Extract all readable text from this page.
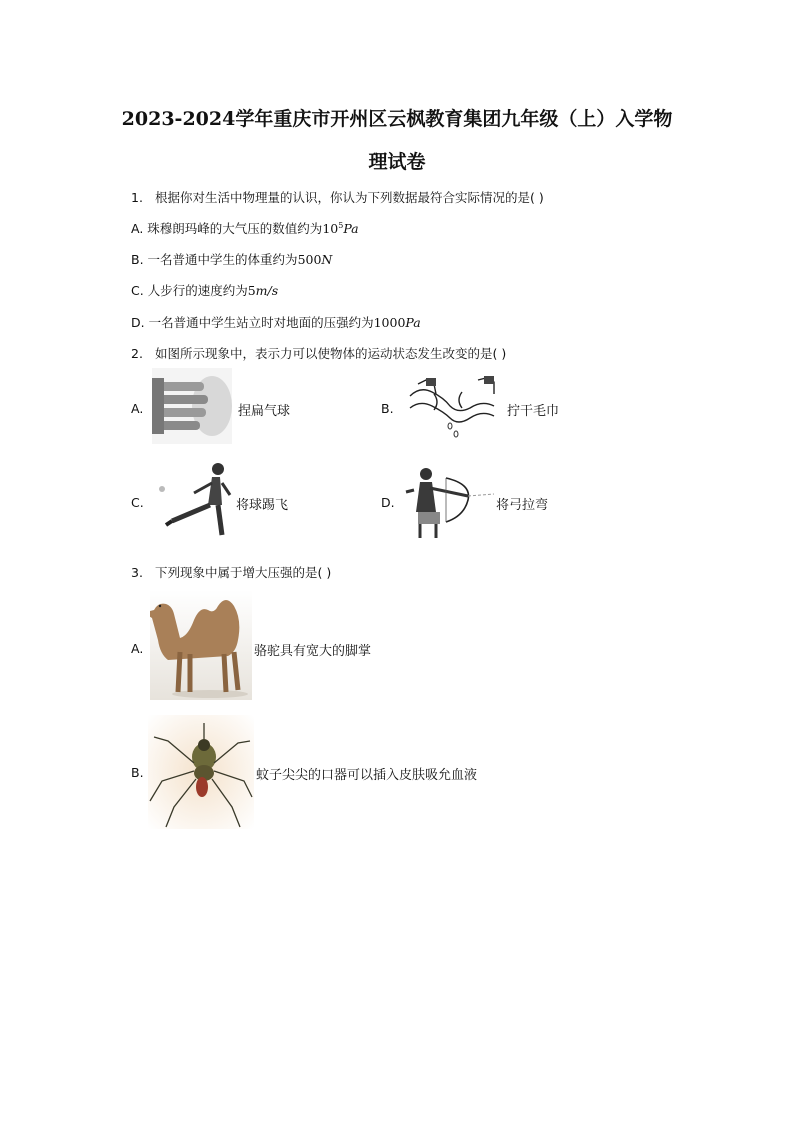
2023-2024学年重庆市开州区云枫教育集团九年级（上）入学物
理试卷
1. 根据你对生活中物理量的认识，你认为下列数据最符合实际情况的是( )
A. 珠穆朗玛峰的大气压的数值约为$10^5Pa$
B. 一名普通中学生的体重约为500N
C. 人步行的速度约为5m/s
D. 一名普通中学生站立时对地面的压强约为1000Pa
2. 如图所示现象中，表示力可以使物体的运动状态发生改变的是( )
A.	捏扁气球	B.	拧干毛巾
C.	将球踢飞	D.	将弓拉弯
3. 下列现象中属于增大压强的是( )
A.	骆驼具有宽大的脚掌
B.	蚊子尖尖的口器可以插入皮肤吸允血液
